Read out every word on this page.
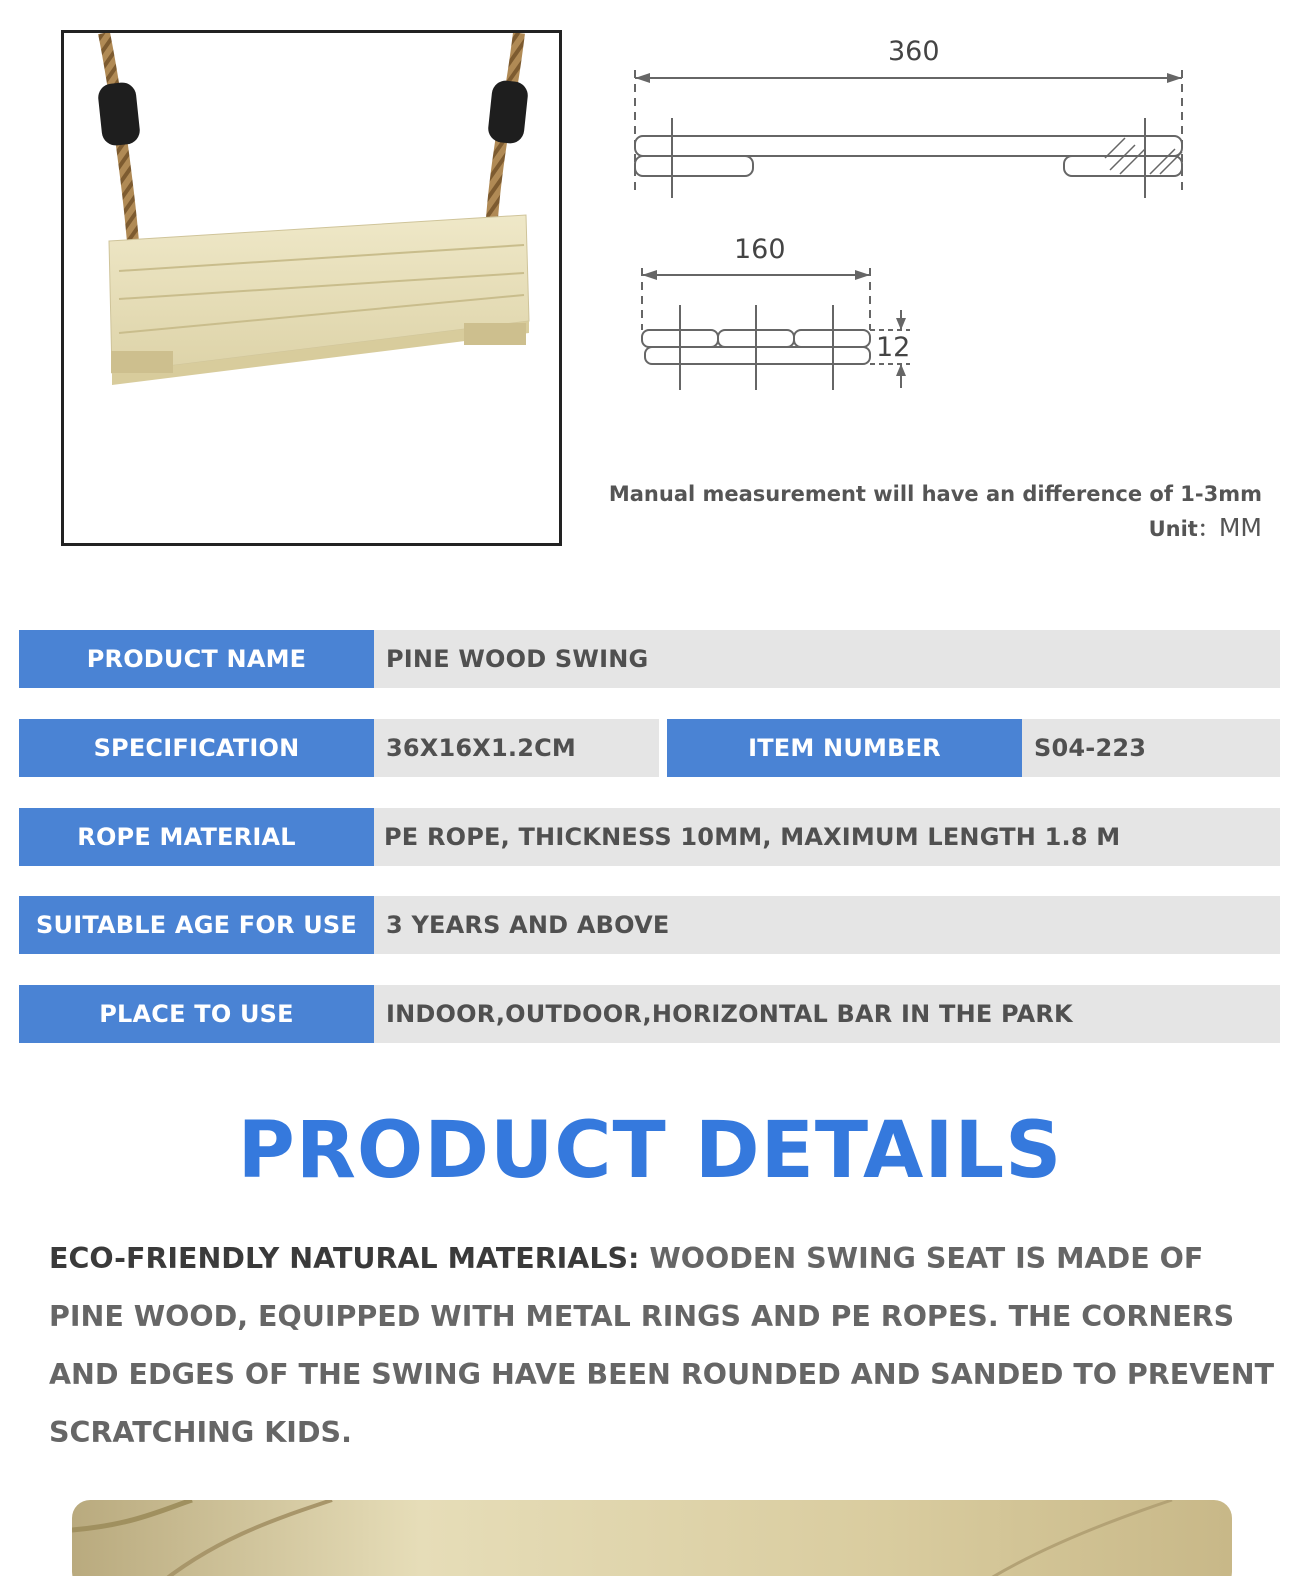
360
160
12
Manual measurement will have an difference of 1-3mm
Unit：MM
PRODUCT NAME	PINE WOOD SWING
SPECIFICATION	36X16X1.2CM	ITEM NUMBER	S04-223
ROPE MATERIAL	PE ROPE, THICKNESS 10MM, MAXIMUM LENGTH 1.8 M
SUITABLE AGE FOR USE	3 YEARS AND ABOVE
PLACE TO USE	INDOOR,OUTDOOR,HORIZONTAL BAR IN THE PARK
PRODUCT DETAILS
ECO-FRIENDLY NATURAL MATERIALS: WOODEN SWING SEAT IS MADE OF PINE WOOD, EQUIPPED WITH METAL RINGS AND PE ROPES. THE CORNERS AND EDGES OF THE SWING HAVE BEEN ROUNDED AND SANDED TO PREVENT SCRATCHING KIDS.
